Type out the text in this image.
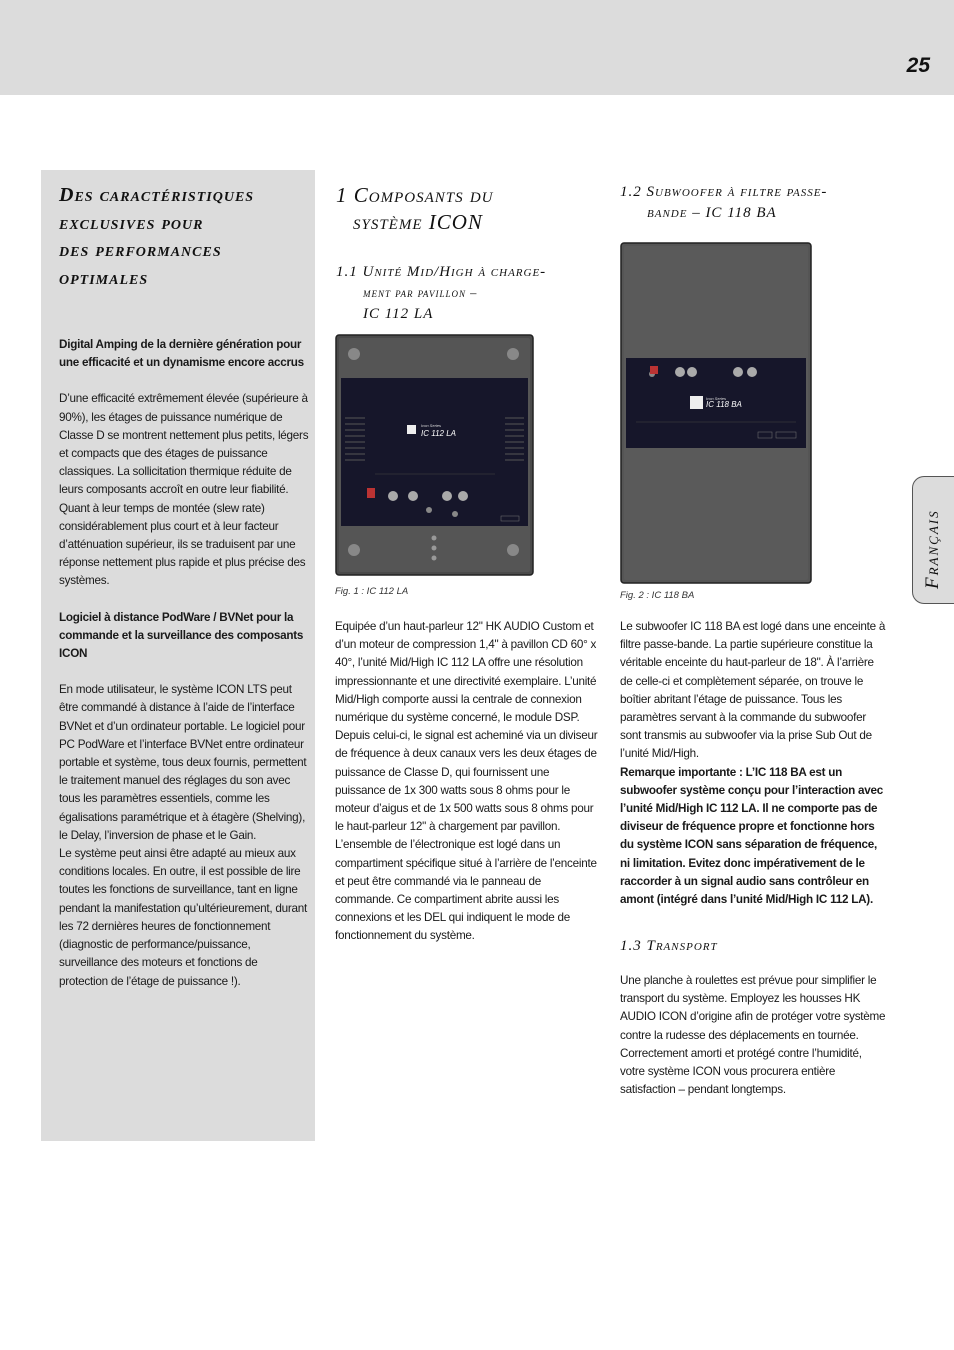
25
Français
Des caractéristiques
exclusives pour
des performances
optimales

Digital Amping de la dernière génération pour une efficacité et un dynamisme encore accrus

D’une efficacité extrêmement élevée (supérieure à 90%), les étages de puissance numérique de Classe D se montrent nettement plus petits, légers et compacts que des étages de puissance classiques. La sollicitation thermique réduite de leurs composants accroît en outre leur fiabilité. Quant à leur temps de montée (slew rate) considérablement plus court et à leur facteur d’atténuation supérieur, ils se traduisent par une réponse nettement plus rapide et plus précise des systèmes.

Logiciel à distance PodWare / BVNet pour la commande et la surveillance des composants ICON

En mode utilisateur, le système ICON LTS peut être commandé à distance à l’aide de l’interface BVNet et d’un ordinateur portable. Le logiciel pour PC PodWare et l’interface BVNet entre ordinateur portable et système, tous deux fournis, permettent le traitement manuel des réglages du son avec tous les paramètres essentiels, comme les égalisations paramétrique et à étagère (Shelving), le Delay, l’inversion de phase et le Gain.

Le système peut ainsi être adapté au mieux aux conditions locales. En outre, il est possible de lire toutes les fonctions de surveillance, tant en ligne pendant la manifestation qu’ultérieurement, durant les 72 dernières heures de fonctionnement (diagnostic de performance/puissance, surveillance des moteurs et fonctions de protection de l’étage de puissance !).

1 Composants du
système ICON
1.1 Unité Mid/High à charge-
ment par pavillon –
IC 112 LA
Icon Series
IC 112 LA
Fig. 1 : IC 112 LA
Equipée d’un haut-parleur 12" HK AUDIO Custom et d’un moteur de compression 1,4" à pavillon CD 60° x 40°, l’unité Mid/High IC 112 LA offre une résolution impressionnante et une directivité exemplaire. L’unité Mid/High comporte aussi la centrale de connexion numérique du système concerné, le module DSP. Depuis celui-ci, le signal est acheminé via un diviseur de fréquence à deux canaux vers les deux étages de puissance de Classe D, qui fournissent une puissance de 1x 300 watts sous 8 ohms pour le moteur d’aigus et de 1x 500 watts sous 8 ohms pour le haut-parleur 12" à chargement par pavillon. L’ensemble de l’électronique est logé dans un compartiment spécifique situé à l’arrière de l’enceinte et peut être commandé via le panneau de commande. Ce compartiment abrite aussi les connexions et les DEL qui indiquent le mode de fonctionnement du système.
1.2 Subwoofer à filtre passe-
bande – IC 118 BA
Icon Series
IC 118 BA
Fig. 2 : IC 118 BA
Le subwoofer IC 118 BA est logé dans une enceinte à filtre passe-bande. La partie supérieure constitue la véritable enceinte du haut-parleur de 18". À l’arrière de celle-ci et complètement séparée, on trouve le boîtier abritant l’étage de puissance. Tous les paramètres servant à la commande du subwoofer sont transmis au subwoofer via la prise Sub Out de l’unité Mid/High.
Remarque importante : L’IC 118 BA est un subwoofer système conçu pour l’interaction avec l’unité Mid/High IC 112 LA. Il ne comporte pas de diviseur de fréquence propre et fonctionne hors du système ICON sans séparation de fréquence, ni limitation. Evitez donc impérativement de le raccorder à un signal audio sans contrôleur en amont (intégré dans l’unité Mid/High IC 112 LA).
1.3 Transport
Une planche à roulettes est prévue pour simplifier le transport du système. Employez les housses HK AUDIO ICON d’origine afin de protéger votre système contre la rudesse des déplacements en tournée. Correctement amorti et protégé contre l’humidité, votre système ICON vous procurera entière satisfaction – pendant longtemps.
